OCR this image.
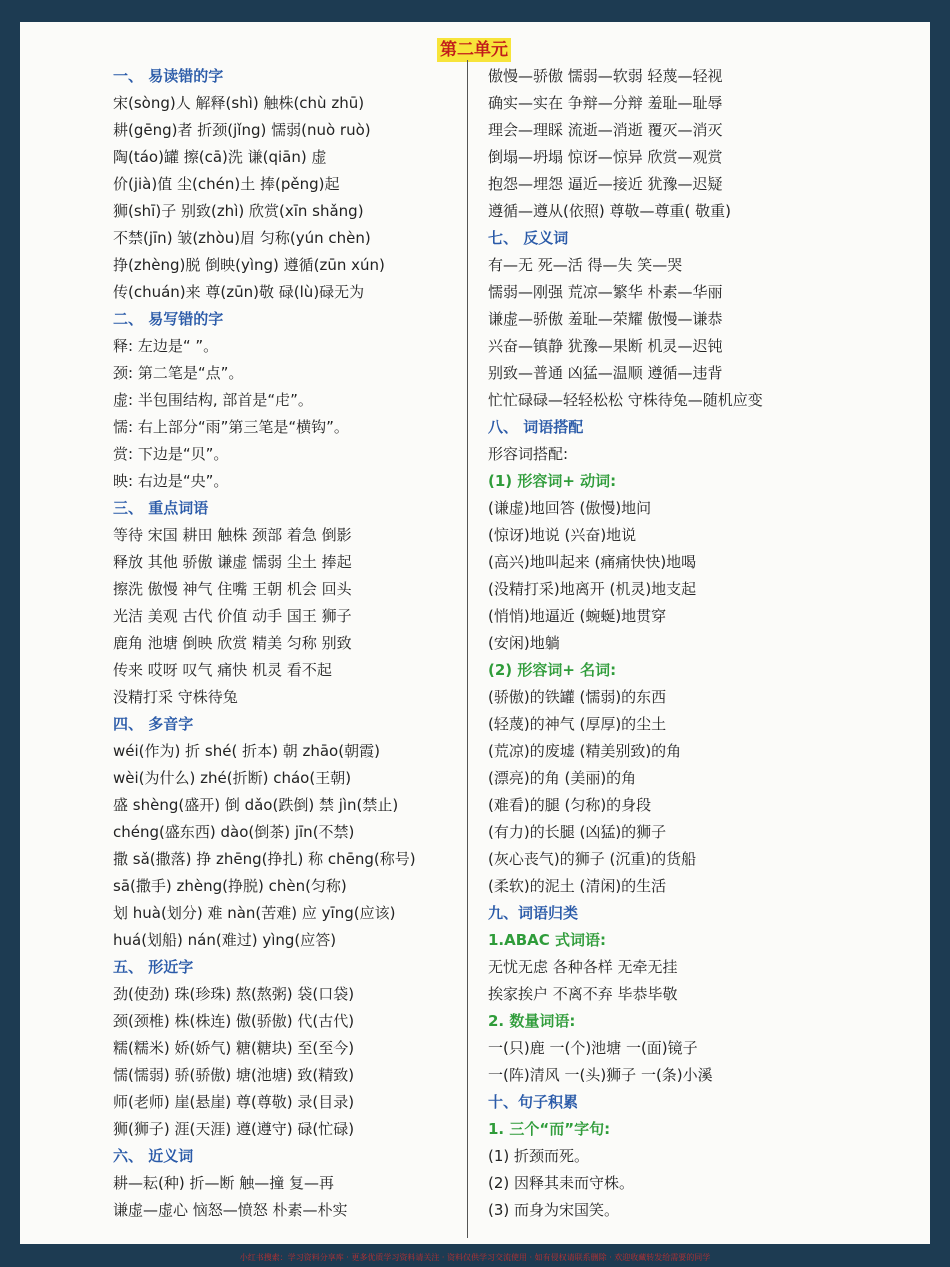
第二单元
一、 易读错的字
宋(sòng)人 解释(shì) 触株(chù zhū)
耕(gēng)者 折颈(jǐng) 懦弱(nuò ruò)
陶(táo)罐 擦(cā)洗 谦(qiān) 虚
价(jià)值 尘(chén)土 捧(pěng)起
狮(shī)子 别致(zhì) 欣赏(xīn shǎng)
不禁(jīn) 皱(zhòu)眉 匀称(yún chèn)
挣(zhèng)脱 倒映(yìng) 遵循(zūn xún)
传(chuán)来 尊(zūn)敬 碌(lù)碌无为
二、 易写错的字
释: 左边是“ ”。
颈: 第二笔是“点”。
虚: 半包围结构, 部首是“虍”。
懦: 右上部分“雨”第三笔是“横钩”。
赏: 下边是“贝”。
映: 右边是“央”。
三、 重点词语
等待 宋国 耕田 触株 颈部 着急 倒影
释放 其他 骄傲 谦虚 懦弱 尘土 捧起
擦洗 傲慢 神气 住嘴 王朝 机会 回头
光洁 美观 古代 价值 动手 国王 狮子
鹿角 池塘 倒映 欣赏 精美 匀称 别致
传来 哎呀 叹气 痛快 机灵 看不起
没精打采 守株待兔
四、 多音字
wéi(作为) 折 shé( 折本) 朝 zhāo(朝霞)
wèi(为什么) zhé(折断) cháo(王朝)
盛 shèng(盛开) 倒 dǎo(跌倒) 禁 jìn(禁止)
chéng(盛东西) dào(倒茶) jīn(不禁)
撒 sǎ(撒落) 挣 zhēng(挣扎) 称 chēng(称号)
sā(撒手) zhèng(挣脱) chèn(匀称)
划 huà(划分) 难 nàn(苦难) 应 yīng(应该)
huá(划船) nán(难过) yìng(应答)
五、 形近字
劲(使劲) 珠(珍珠) 熬(熬粥) 袋(口袋)
颈(颈椎) 株(株连) 傲(骄傲) 代(古代)
糯(糯米) 娇(娇气) 糖(糖块) 至(至今)
懦(懦弱) 骄(骄傲) 塘(池塘) 致(精致)
师(老师) 崖(悬崖) 尊(尊敬) 录(目录)
狮(狮子) 涯(天涯) 遵(遵守) 碌(忙碌)
六、 近义词
耕—耘(种) 折—断 触—撞 复—再
谦虚—虚心 恼怒—愤怒 朴素—朴实
傲慢—骄傲 懦弱—软弱 轻蔑—轻视
确实—实在 争辩—分辩 羞耻—耻辱
理会—理睬 流逝—消逝 覆灭—消灭
倒塌—坍塌 惊讶—惊异 欣赏—观赏
抱怨—埋怨 逼近—接近 犹豫—迟疑
遵循—遵从(依照) 尊敬—尊重( 敬重)
七、 反义词
有—无 死—活 得—失 笑—哭
懦弱—刚强 荒凉—繁华 朴素—华丽
谦虚—骄傲 羞耻—荣耀 傲慢—谦恭
兴奋—镇静 犹豫—果断 机灵—迟钝
别致—普通 凶猛—温顺 遵循—违背
忙忙碌碌—轻轻松松 守株待兔—随机应变
八、 词语搭配
形容词搭配:
(1) 形容词+ 动词:
(谦虚)地回答 (傲慢)地问
(惊讶)地说 (兴奋)地说
(高兴)地叫起来 (痛痛快快)地喝
(没精打采)地离开 (机灵)地支起
(悄悄)地逼近 (蜿蜒)地贯穿
(安闲)地躺
(2) 形容词+ 名词:
(骄傲)的铁罐 (懦弱)的东西
(轻蔑)的神气 (厚厚)的尘土
(荒凉)的废墟 (精美别致)的角
(漂亮)的角 (美丽)的角
(难看)的腿 (匀称)的身段
(有力)的长腿 (凶猛)的狮子
(灰心丧气)的狮子 (沉重)的货船
(柔软)的泥土 (清闲)的生活
九、词语归类
1.ABAC 式词语:
无忧无虑 各种各样 无牵无挂
挨家挨户 不离不弃 毕恭毕敬
2. 数量词语:
一(只)鹿 一(个)池塘 一(面)镜子
一(阵)清风 一(头)狮子 一(条)小溪
十、句子积累
1. 三个“而”字句:
(1) 折颈而死。
(2) 因释其耒而守株。
(3) 而身为宋国笑。
小红书搜索：学习资料分享库 · 更多优质学习资料请关注 · 资料仅供学习交流使用 · 如有侵权请联系删除 · 欢迎收藏转发给需要的同学
